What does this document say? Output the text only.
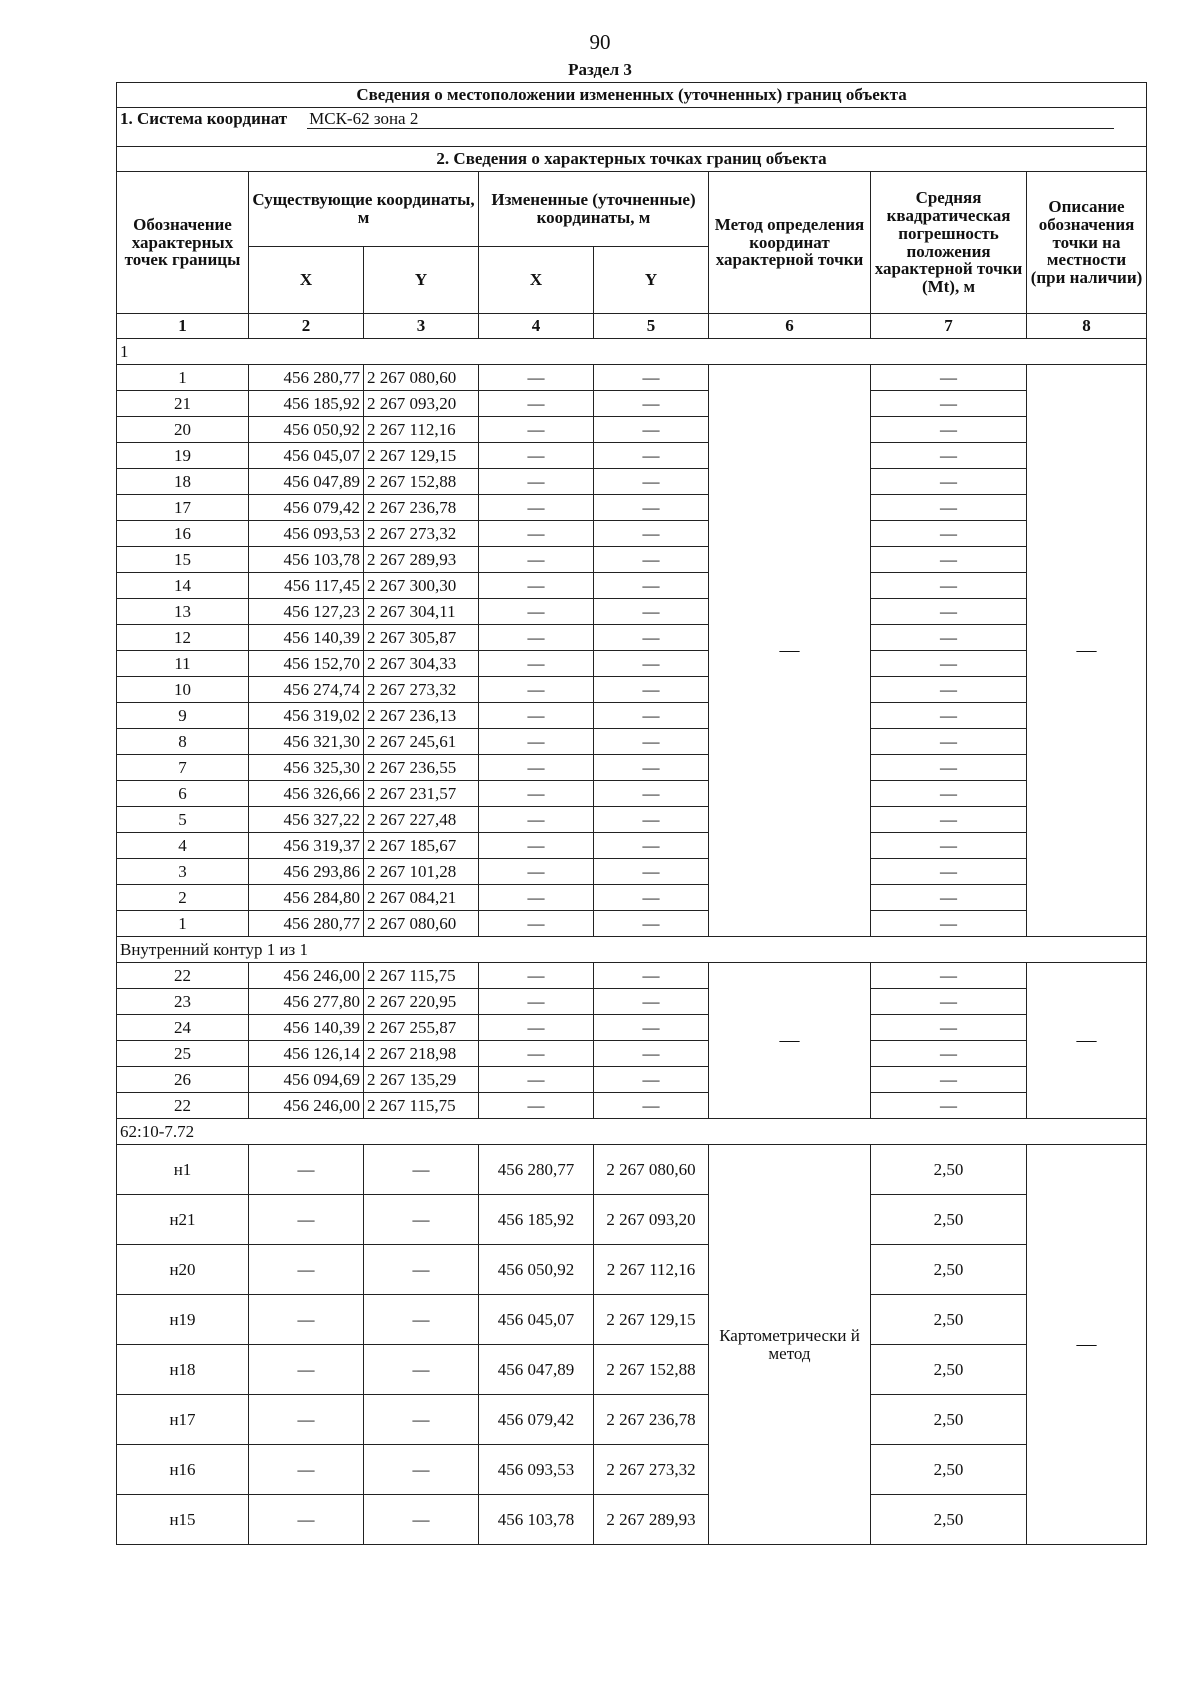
90
Раздел 3
Сведения о местоположении измененных (уточненных) границ объекта							
1. Система координат МСК-62 зона 2							
2. Сведения о характерных точках границ объекта							
Обозначение характерных точек границы	Существующие координаты, м		Измененные (уточненные) координаты, м		Метод определения координат характерной точки	Средняя квадратическая погрешность положения характерной точки (Mt), м	Описание обозначения точки на местности (при наличии)
	X	Y	X	Y			
1	2	3	4	5	6	7	8
1							
1	456 280,77	2 267 080,60	—	—	—	—	—
21	456 185,92	2 267 093,20	—	—		—	
20	456 050,92	2 267 112,16	—	—		—	
19	456 045,07	2 267 129,15	—	—		—	
18	456 047,89	2 267 152,88	—	—		—	
17	456 079,42	2 267 236,78	—	—		—	
16	456 093,53	2 267 273,32	—	—		—	
15	456 103,78	2 267 289,93	—	—		—	
14	456 117,45	2 267 300,30	—	—		—	
13	456 127,23	2 267 304,11	—	—		—	
12	456 140,39	2 267 305,87	—	—		—	
11	456 152,70	2 267 304,33	—	—		—	
10	456 274,74	2 267 273,32	—	—		—	
9	456 319,02	2 267 236,13	—	—		—	
8	456 321,30	2 267 245,61	—	—		—	
7	456 325,30	2 267 236,55	—	—		—	
6	456 326,66	2 267 231,57	—	—		—	
5	456 327,22	2 267 227,48	—	—		—	
4	456 319,37	2 267 185,67	—	—		—	
3	456 293,86	2 267 101,28	—	—		—	
2	456 284,80	2 267 084,21	—	—		—	
1	456 280,77	2 267 080,60	—	—		—	
Внутренний контур 1 из 1							
22	456 246,00	2 267 115,75	—	—	—	—	—
23	456 277,80	2 267 220,95	—	—		—	
24	456 140,39	2 267 255,87	—	—		—	
25	456 126,14	2 267 218,98	—	—		—	
26	456 094,69	2 267 135,29	—	—		—	
22	456 246,00	2 267 115,75	—	—		—	
62:10-7.72							
н1	—	—	456 280,77	2 267 080,60	Картометрически й метод	2,50	—
н21	—	—	456 185,92	2 267 093,20		2,50	
н20	—	—	456 050,92	2 267 112,16		2,50	
н19	—	—	456 045,07	2 267 129,15		2,50	
н18	—	—	456 047,89	2 267 152,88		2,50	
н17	—	—	456 079,42	2 267 236,78		2,50	
н16	—	—	456 093,53	2 267 273,32		2,50	
н15	—	—	456 103,78	2 267 289,93		2,50	
